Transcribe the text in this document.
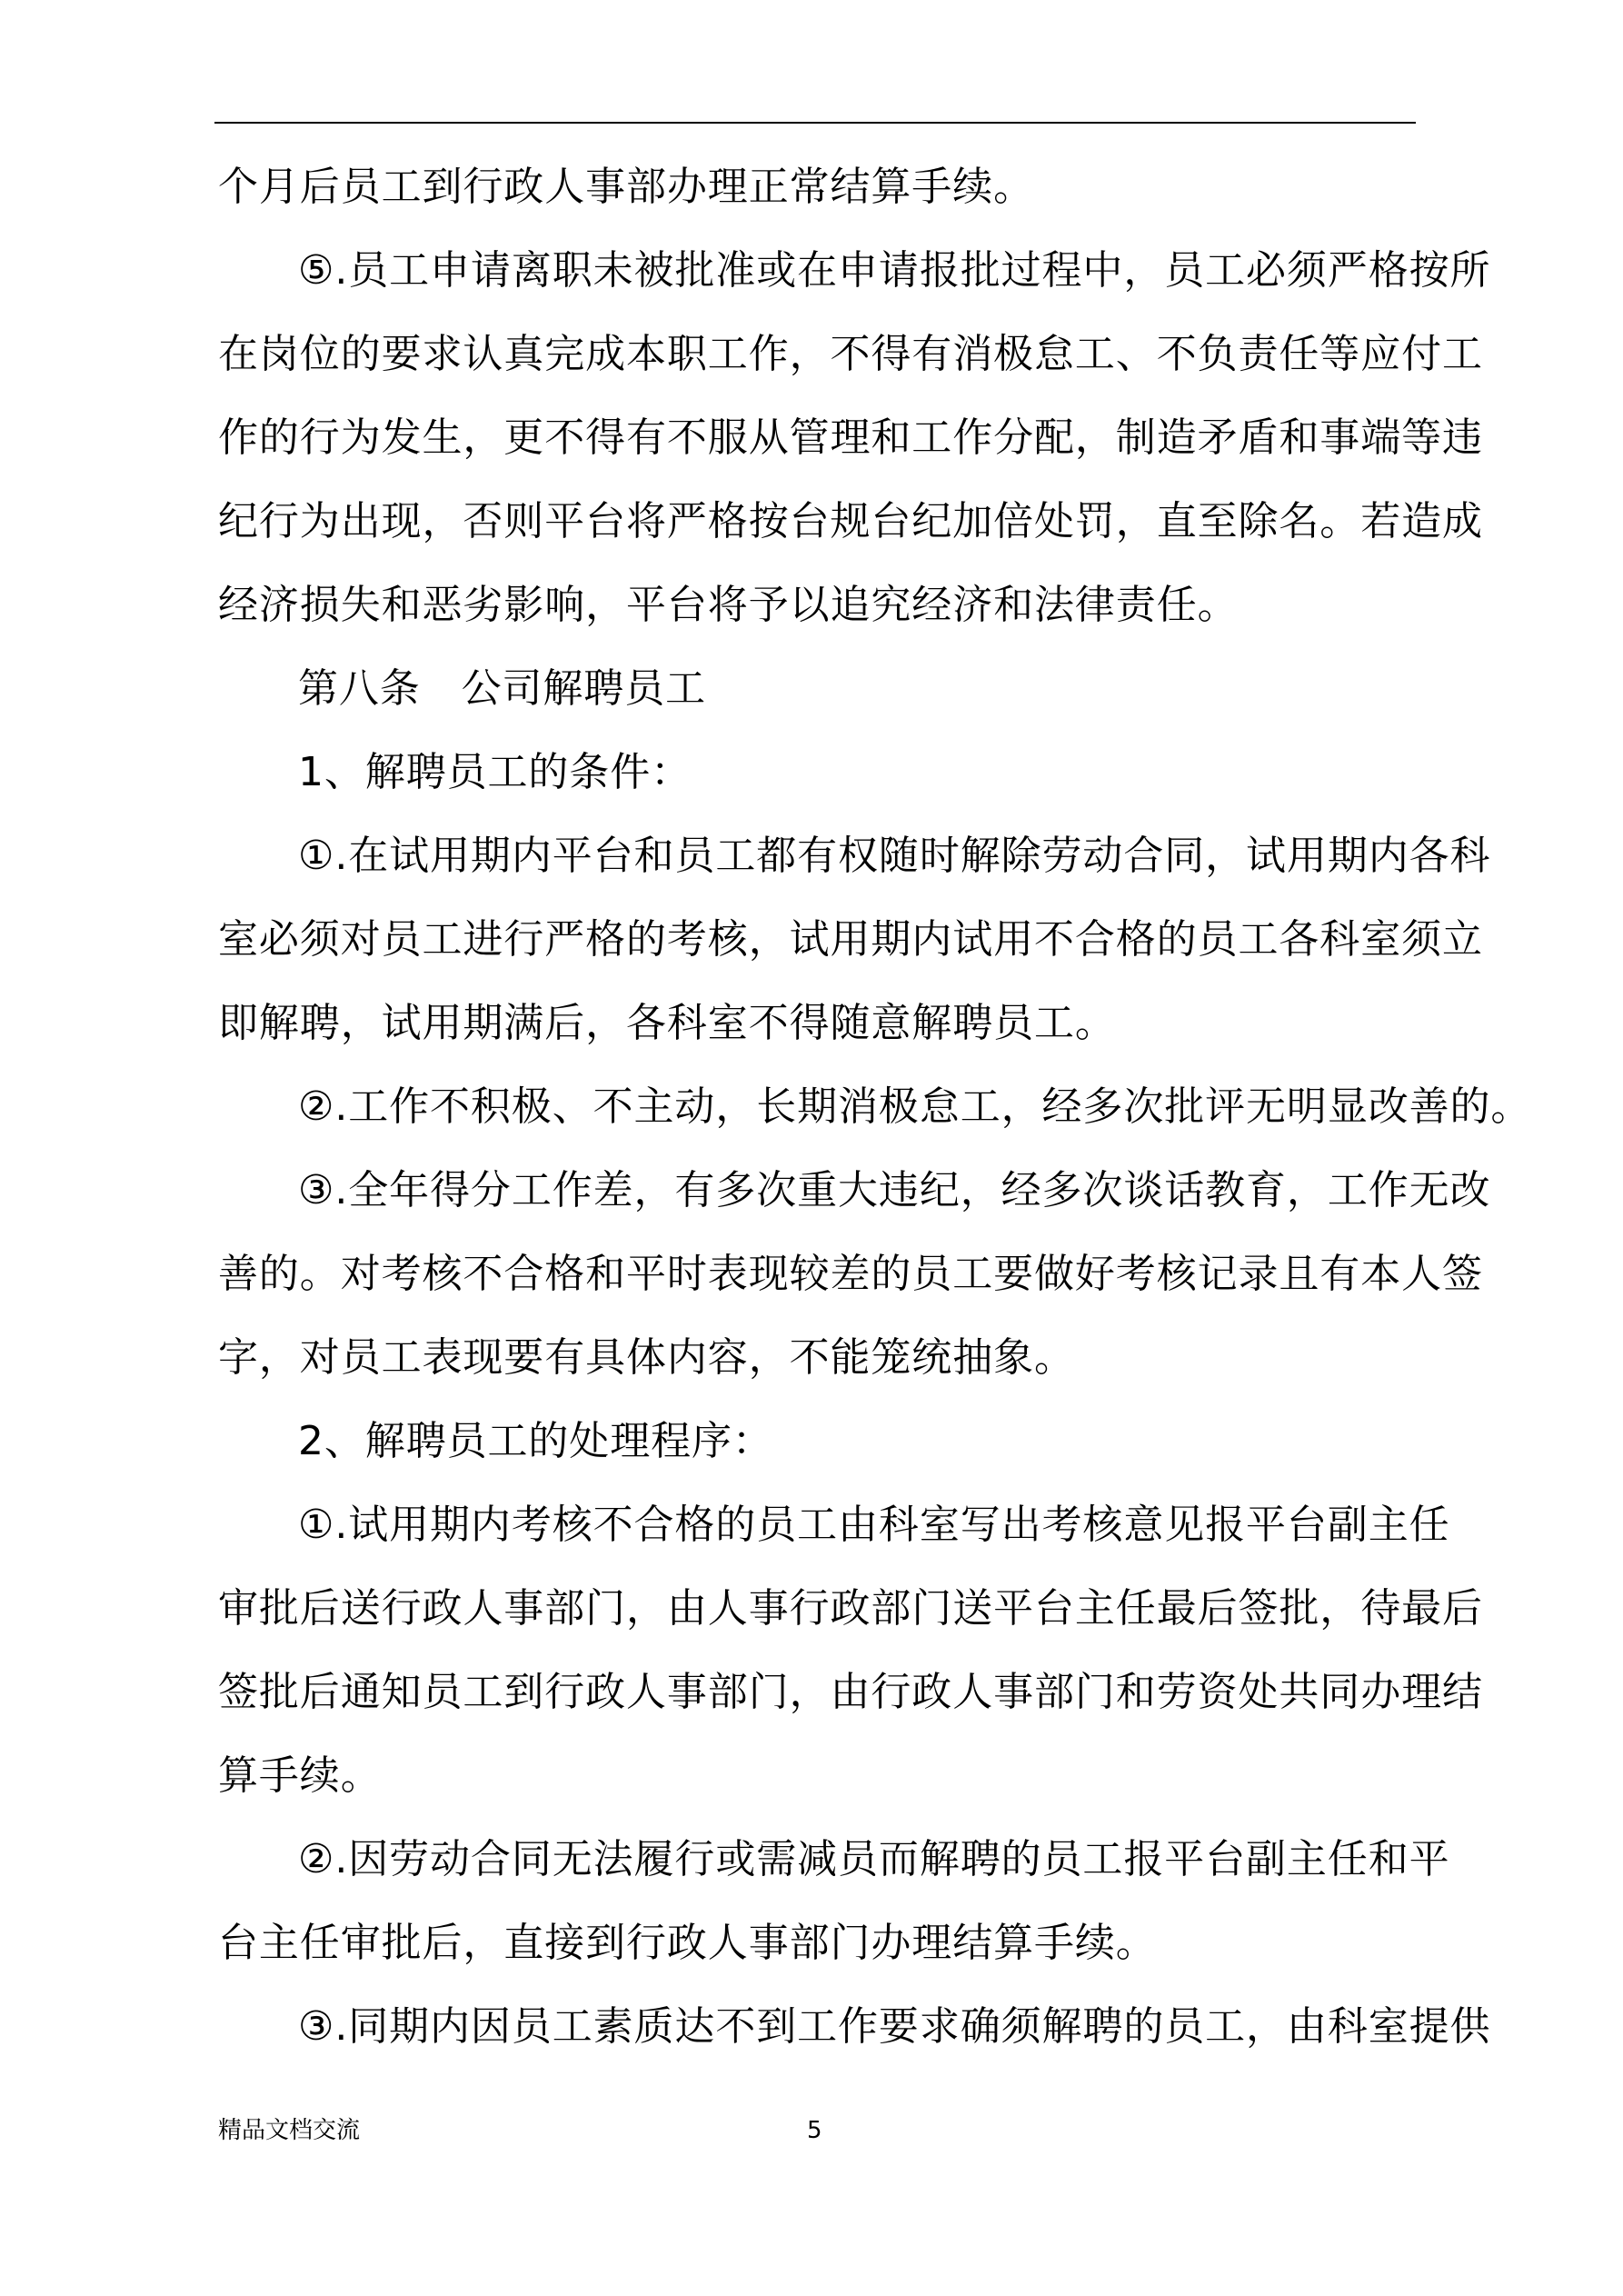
个月后员工到行政人事部办理正常结算手续。
⑤.员工申请离职未被批准或在申请报批过程中，员工必须严格按所
在岗位的要求认真完成本职工作，不得有消极怠工、不负责任等应付工
作的行为发生，更不得有不服从管理和工作分配，制造矛盾和事端等违
纪行为出现，否则平台将严格按台规台纪加倍处罚，直至除名。若造成
经济损失和恶劣影响，平台将予以追究经济和法律责任。
第八条　公司解聘员工
1、解聘员工的条件：
①.在试用期内平台和员工都有权随时解除劳动合同，试用期内各科
室必须对员工进行严格的考核，试用期内试用不合格的员工各科室须立
即解聘，试用期满后，各科室不得随意解聘员工。
②.工作不积极、不主动，长期消极怠工，经多次批评无明显改善的。
③.全年得分工作差，有多次重大违纪，经多次谈话教育，工作无改
善的。对考核不合格和平时表现较差的员工要做好考核记录且有本人签
字，对员工表现要有具体内容，不能笼统抽象。
2、解聘员工的处理程序：
①.试用期内考核不合格的员工由科室写出考核意见报平台副主任
审批后送行政人事部门，由人事行政部门送平台主任最后签批，待最后
签批后通知员工到行政人事部门，由行政人事部门和劳资处共同办理结
算手续。
②.因劳动合同无法履行或需减员而解聘的员工报平台副主任和平
台主任审批后，直接到行政人事部门办理结算手续。
③.同期内因员工素质达不到工作要求确须解聘的员工，由科室提供
精品文档交流	5
